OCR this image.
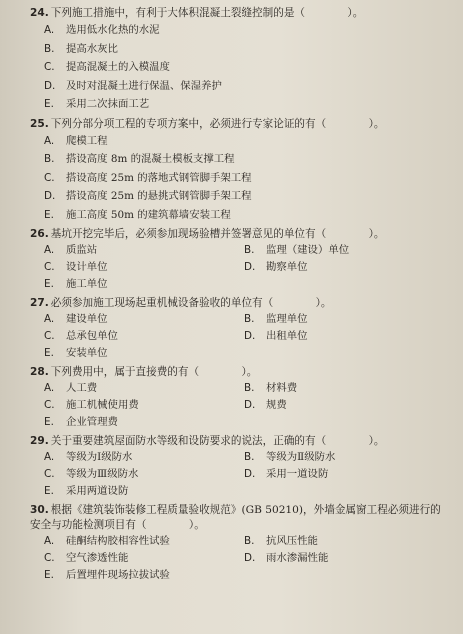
24. 下列施工措施中，有利于大体积混凝土裂缝控制的是（　　　　）。
A. 选用低水化热的水泥
B. 提高水灰比
C. 提高混凝土的入模温度
D. 及时对混凝土进行保温、保湿养护
E. 采用二次抹面工艺
25. 下列分部分项工程的专项方案中，必须进行专家论证的有（　　　　）。
A. 爬模工程
B. 搭设高度 8m 的混凝土模板支撑工程
C. 搭设高度 25m 的落地式钢管脚手架工程
D. 搭设高度 25m 的悬挑式钢管脚手架工程
E. 施工高度 50m 的建筑幕墙安装工程
26. 基坑开挖完毕后，必须参加现场验槽并签署意见的单位有（　　　　）。
A. 质监站	B. 监理（建设）单位
C. 设计单位	D. 勘察单位
E. 施工单位
27. 必须参加施工现场起重机械设备验收的单位有（　　　　）。
A. 建设单位	B. 监理单位
C. 总承包单位	D. 出租单位
E. 安装单位
28. 下列费用中，属于直接费的有（　　　　）。
A. 人工费	B. 材料费
C. 施工机械使用费	D. 规费
E. 企业管理费
29. 关于重要建筑屋面防水等级和设防要求的说法，正确的有（　　　　）。
A. 等级为Ⅰ级防水	B. 等级为Ⅱ级防水
C. 等级为Ⅲ级防水	D. 采用一道设防
E. 采用两道设防
30. 根据《建筑装饰装修工程质量验收规范》(GB 50210)，外墙金属窗工程必须进行的安全与功能检测项目有（　　　　）。
A. 硅酮结构胶相容性试验	B. 抗风压性能
C. 空气渗透性能	D. 雨水渗漏性能
E. 后置埋件现场拉拔试验
